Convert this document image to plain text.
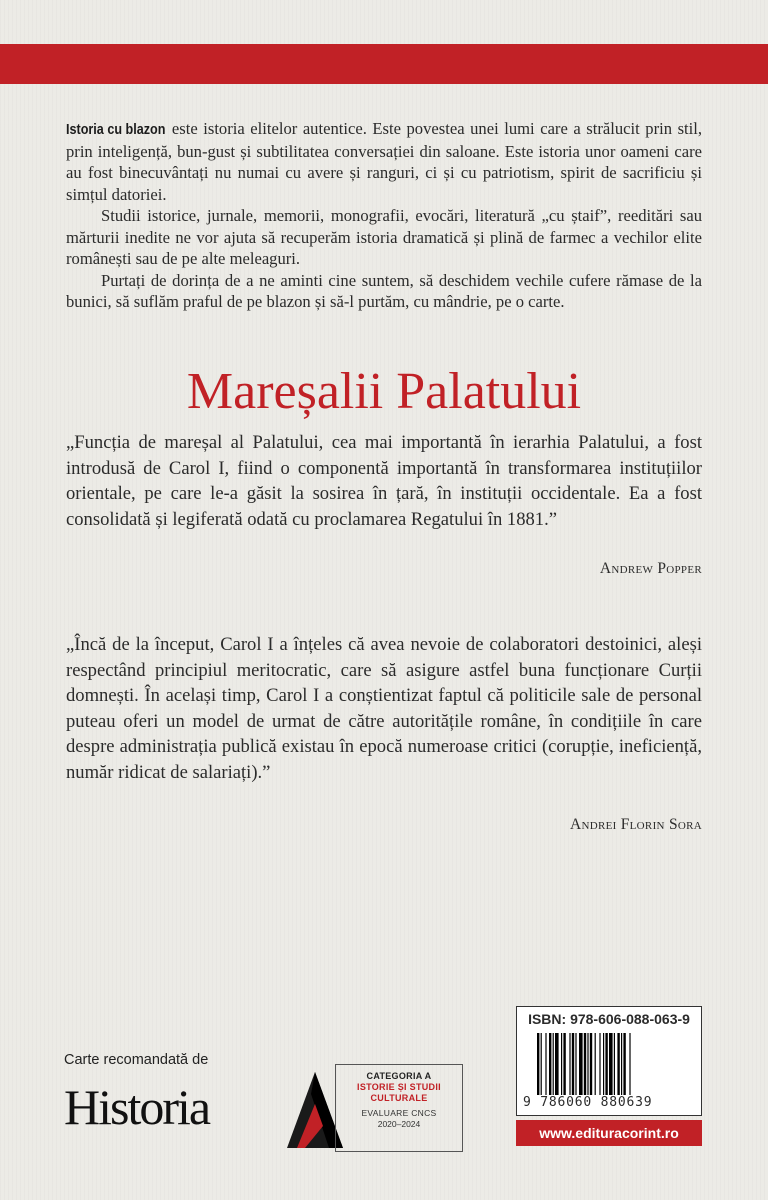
Istoria cu blazon este istoria elitelor autentice. Este povestea unei lumi care a strălucit prin stil, prin inteligență, bun-gust și subtilitatea conversației din saloane. Este istoria unor oameni care au fost binecuvântați nu numai cu avere și ranguri, ci și cu patriotism, spirit de sacrificiu și simțul datoriei.

Studii istorice, jurnale, memorii, monografii, evocări, literatură „cu ștaif”, reeditări sau mărturii inedite ne vor ajuta să recuperăm istoria dramatică și plină de farmec a vechilor elite românești sau de pe alte meleaguri.

Purtați de dorința de a ne aminti cine suntem, să deschidem vechile cufere rămase de la bunici, să suflăm praful de pe blazon și să-l purtăm, cu mândrie, pe o carte.

Mareșalii Palatului

„Funcția de mareșal al Palatului, cea mai importantă în ierarhia Palatului, a fost introdusă de Carol I, fiind o componentă importantă în transformarea instituțiilor orientale, pe care le-a găsit la sosirea în țară, în instituții occidentale. Ea a fost consolidată și legiferată odată cu proclamarea Regatului în 1881.”

Andrew Popper

„Încă de la început, Carol I a înțeles că avea nevoie de colaboratori destoinici, aleși respectând principiul meritocratic, care să asigure astfel buna funcționare Curții domnești. În același timp, Carol I a conștientizat faptul că politicile sale de personal puteau oferi un model de urmat de către autoritățile române, în condițiile în care despre administrația publică existau în epocă numeroase critici (corupție, ineficiență, număr ridicat de salariați).”

Andrei Florin Sora

Carte recomandată de

Historia

CATEGORIA A
ISTORIE ȘI STUDII
CULTURALE
EVALUARE CNCS
2020–2024

ISBN: 978-606-088-063-9

9 786060 880639

www.edituracorint.ro
